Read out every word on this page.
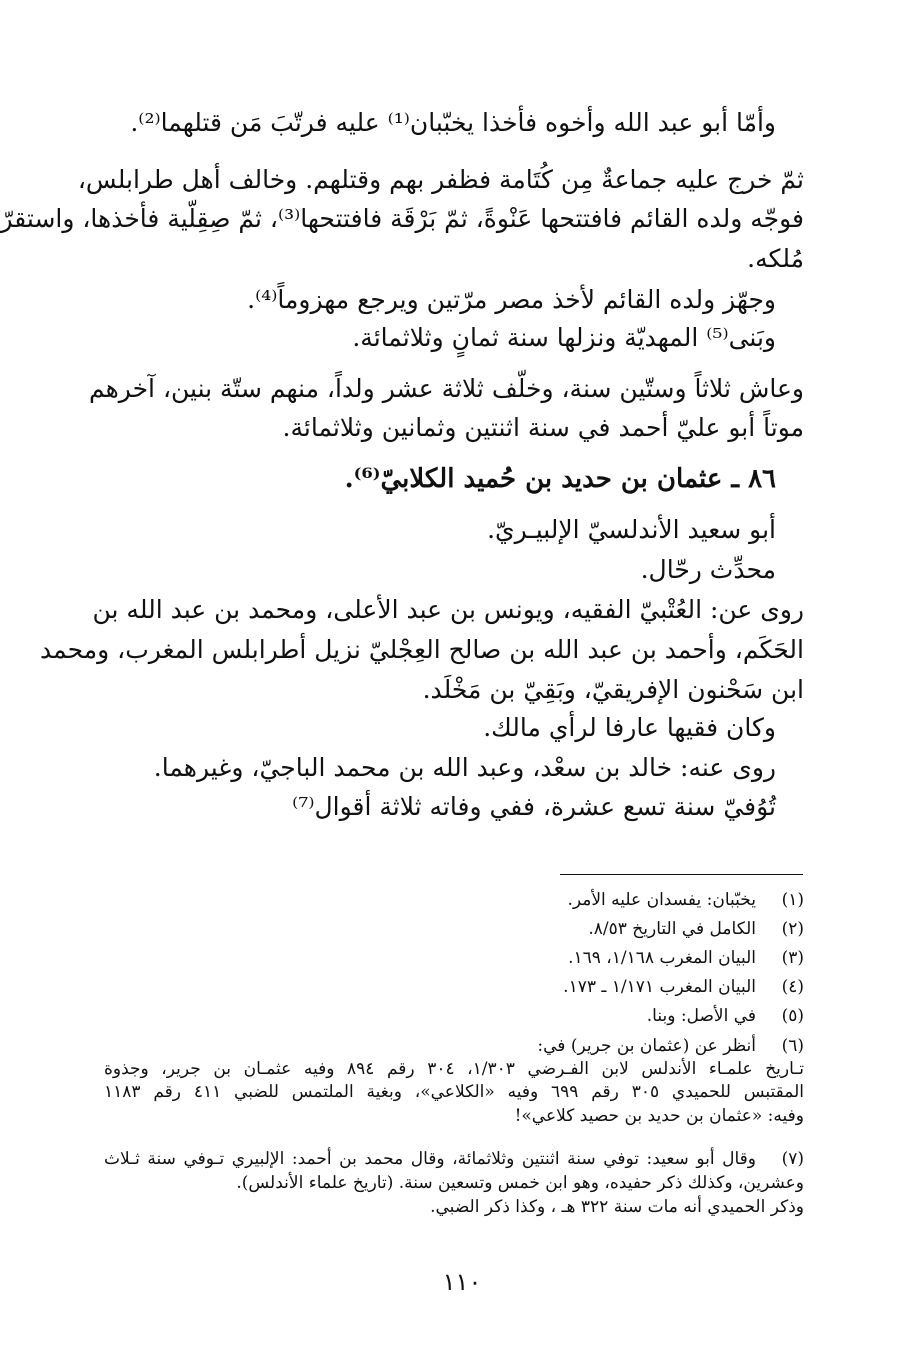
وأمّا أبو عبد الله وأخوه فأخذا يخبّبان⁽¹⁾ عليه فرتّبَ مَن قتلهما⁽²⁾.
ثمّ خرج عليه جماعةٌ مِن كُتَامة فظفر بهم وقتلهم. وخالف أهل طرابلس،
فوجّه ولده القائم فافتتحها عَنْوةً، ثمّ بَرْقَة فافتتحها⁽³⁾، ثمّ صِقِلّية فأخذها، واستقرّ
مُلكه.
وجهّز ولده القائم لأخذ مصر مرّتين ويرجع مهزوماً⁽⁴⁾.
وبَنى⁽⁵⁾ المهديّة ونزلها سنة ثمانٍ وثلاثمائة.
وعاش ثلاثاً وستّين سنة، وخلّف ثلاثة عشر ولداً، منهم ستّة بنين، آخرهم
موتاً أبو عليّ أحمد في سنة اثنتين وثمانين وثلاثمائة.
٨٦ ـ عثمان بن حديد بن حُميد الكلابيّ⁽⁶⁾.
أبو سعيد الأندلسيّ الإلبيـريّ.
محدِّث رحّال.
روى عن: العُتْبيّ الفقيه، ويونس بن عبد الأعلى، ومحمد بن عبد الله بن
الحَكَم، وأحمد بن عبد الله بن صالح العِجْليّ نزيل أطرابلس المغرب، ومحمد
ابن سَحْنون الإفريقيّ، وبَقِيّ بن مَخْلَد.
وكان فقيها عارفا لرأي مالك.
روى عنه: خالد بن سعْد، وعبد الله بن محمد الباجيّ، وغيرهما.
تُوُفيّ سنة تسع عشرة، ففي وفاته ثلاثة أقوال⁽⁷⁾
(١)
يخبّبان: يفسدان عليه الأمر.
(٢)
الكامل في التاريخ ٨/٥٣.
(٣)
البيان المغرب ١/١٦٨، ١٦٩.
(٤)
البيان المغرب ١/١٧١ ـ ١٧٣.
(٥)
في الأصل: وبنا.
(٦)
أنظر عن (عثمان بن جرير) في:
تـاريخ علمـاء الأندلس لابن الفـرضي ١/٣٠٣، ٣٠٤ رقم ٨٩٤ وفيه عثمـان بن جرير، وجذوة
المقتبس للحميدي ٣٠٥ رقم ٦٩٩ وفيه «الكلاعي»، وبغية الملتمس للضبي ٤١١ رقم ١١٨٣
وفيه: «عثمان بن حديد بن حصيد كلاعي»!
(٧)
وقال أبو سعيد: توفي سنة اثنتين وثلاثمائة، وقال محمد بن أحمد: الإلبيري تـوفي سنة ثـلاث
وعشرين، وكذلك ذكر حفيده، وهو ابن خمس وتسعين سنة. (تاريخ علماء الأندلس).
وذكر الحميدي أنه مات سنة ٣٢٢ هـ ، وكذا ذكر الضبي.
١١٠
